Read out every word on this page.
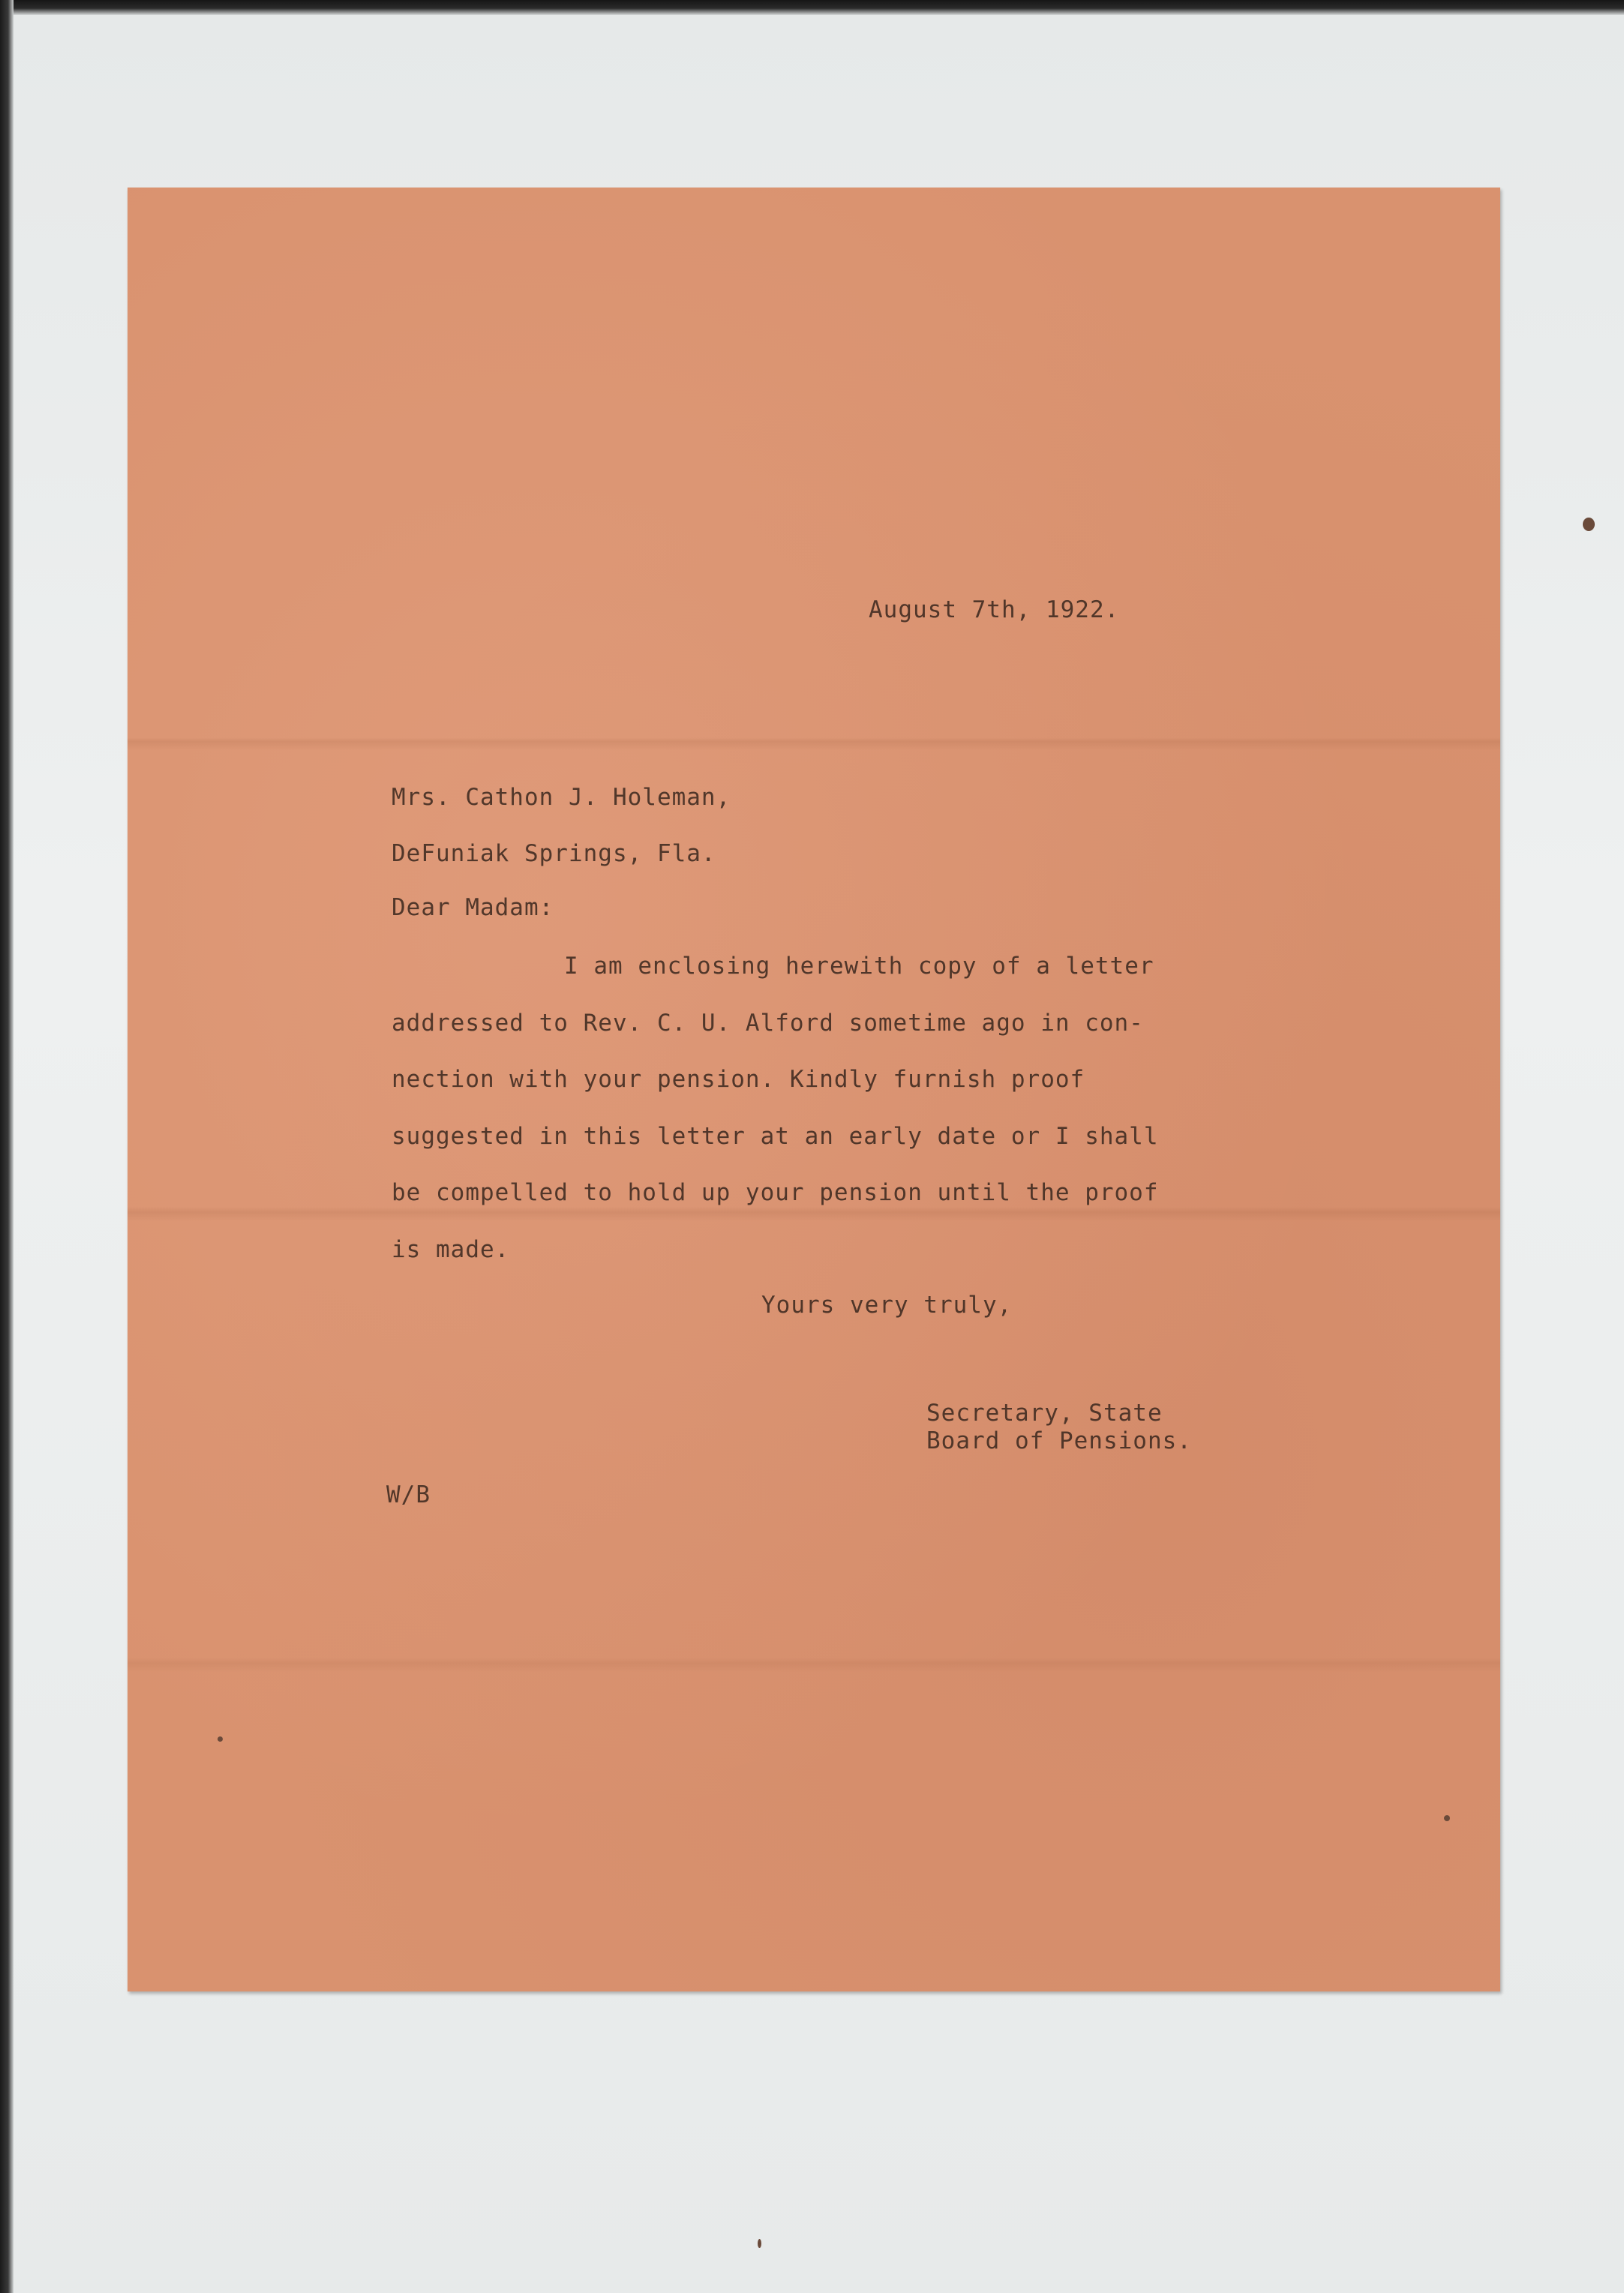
August 7th, 1922.
Mrs. Cathon J. Holeman,
DeFuniak Springs, Fla.
Dear Madam:
I am enclosing herewith copy of a letter
addressed to Rev. C. U. Alford sometime ago in con-
nection with your pension. Kindly furnish proof
suggested in this letter at an early date or I shall
be compelled to hold up your pension until the proof
is made.
Yours very truly,
Secretary, State
Board of Pensions.
W/B
